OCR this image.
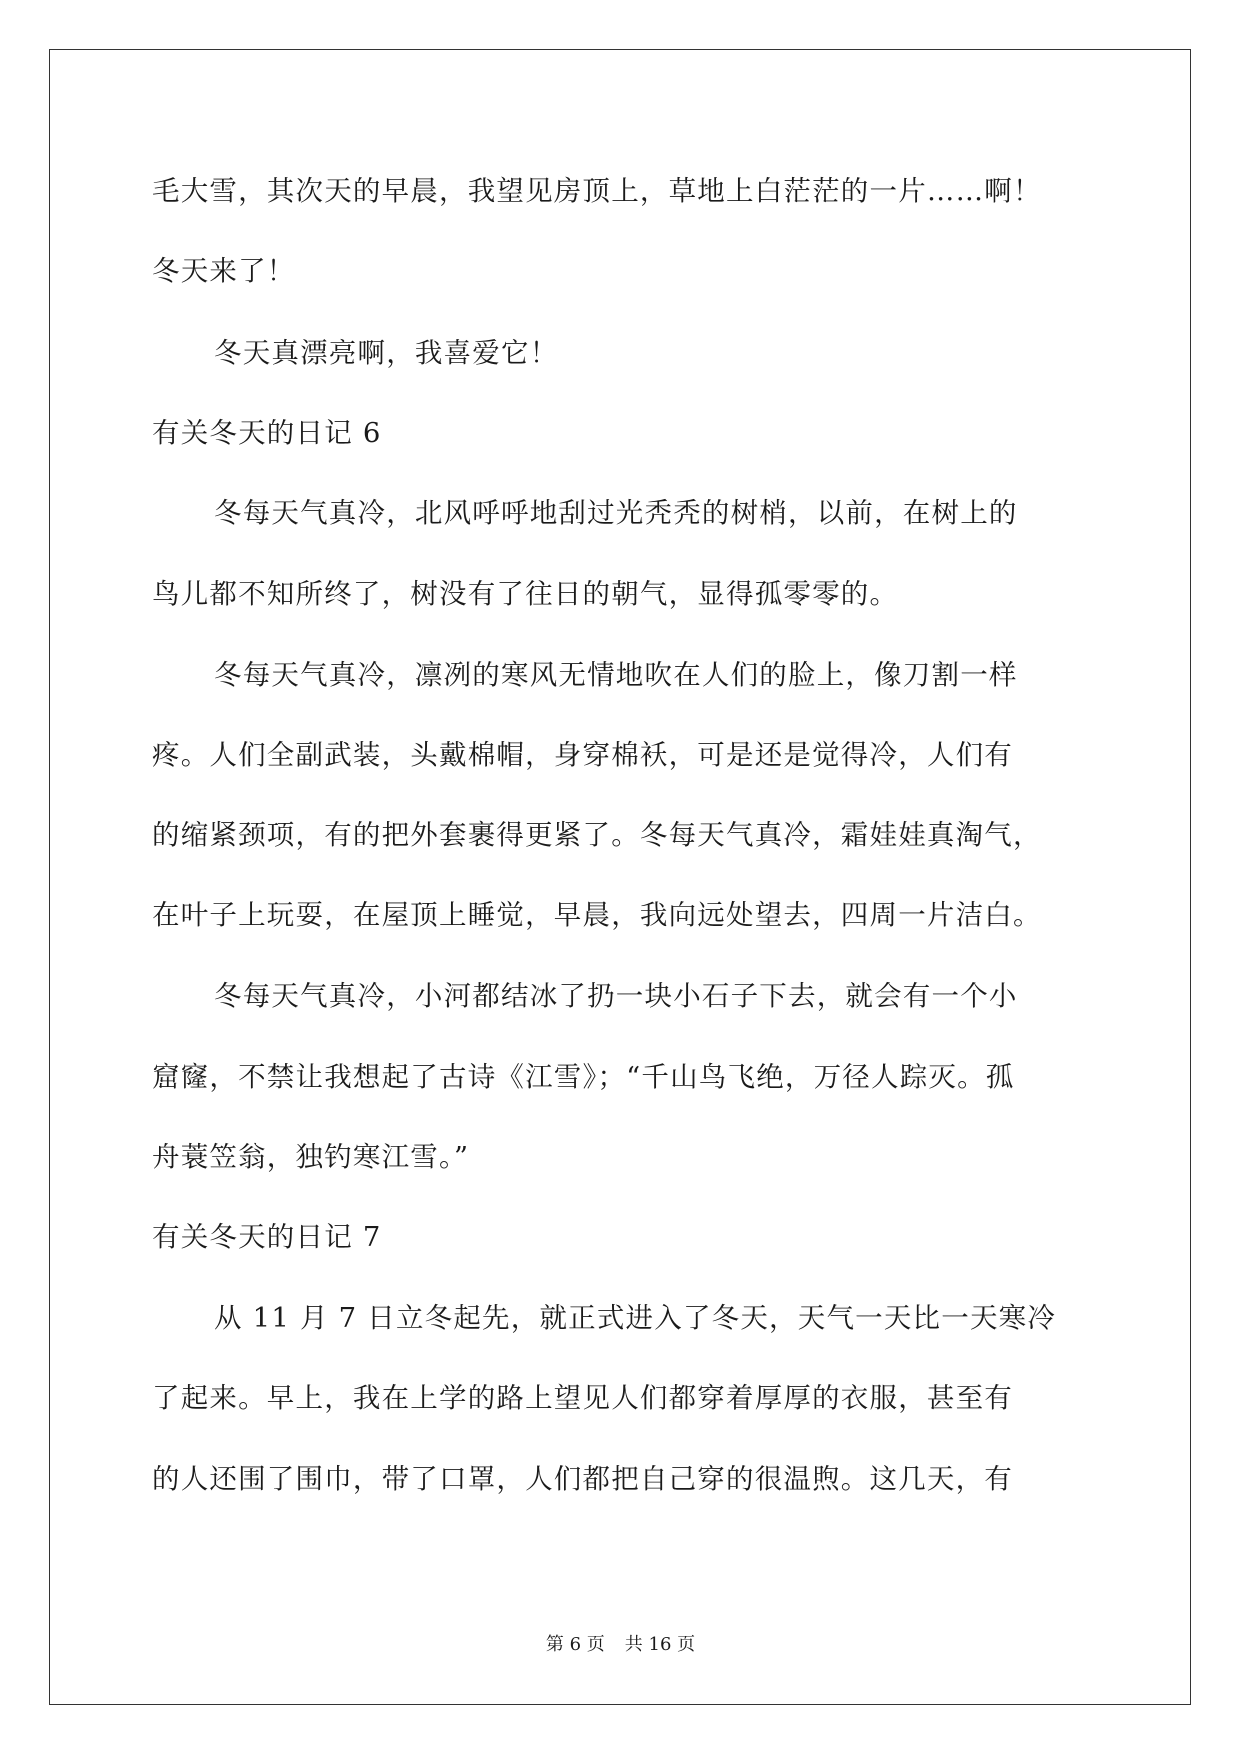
毛大雪，其次天的早晨，我望见房顶上，草地上白茫茫的一片……啊！
冬天来了！
冬天真漂亮啊，我喜爱它！
有关冬天的日记 6
冬每天气真冷，北风呼呼地刮过光秃秃的树梢，以前，在树上的
鸟儿都不知所终了，树没有了往日的朝气，显得孤零零的。
冬每天气真冷，凛冽的寒风无情地吹在人们的脸上，像刀割一样
疼。人们全副武装，头戴棉帽，身穿棉袄，可是还是觉得冷，人们有
的缩紧颈项，有的把外套裹得更紧了。冬每天气真冷，霜娃娃真淘气，
在叶子上玩耍，在屋顶上睡觉，早晨，我向远处望去，四周一片洁白。
冬每天气真冷，小河都结冰了扔一块小石子下去，就会有一个小
窟窿，不禁让我想起了古诗《江雪》；“千山鸟飞绝，万径人踪灭。孤
舟蓑笠翁，独钓寒江雪。”
有关冬天的日记 7
从 11 月 7 日立冬起先，就正式进入了冬天，天气一天比一天寒冷
了起来。早上，我在上学的路上望见人们都穿着厚厚的衣服，甚至有
的人还围了围巾，带了口罩，人们都把自己穿的很温煦。这几天，有
第 6 页 共 16 页
